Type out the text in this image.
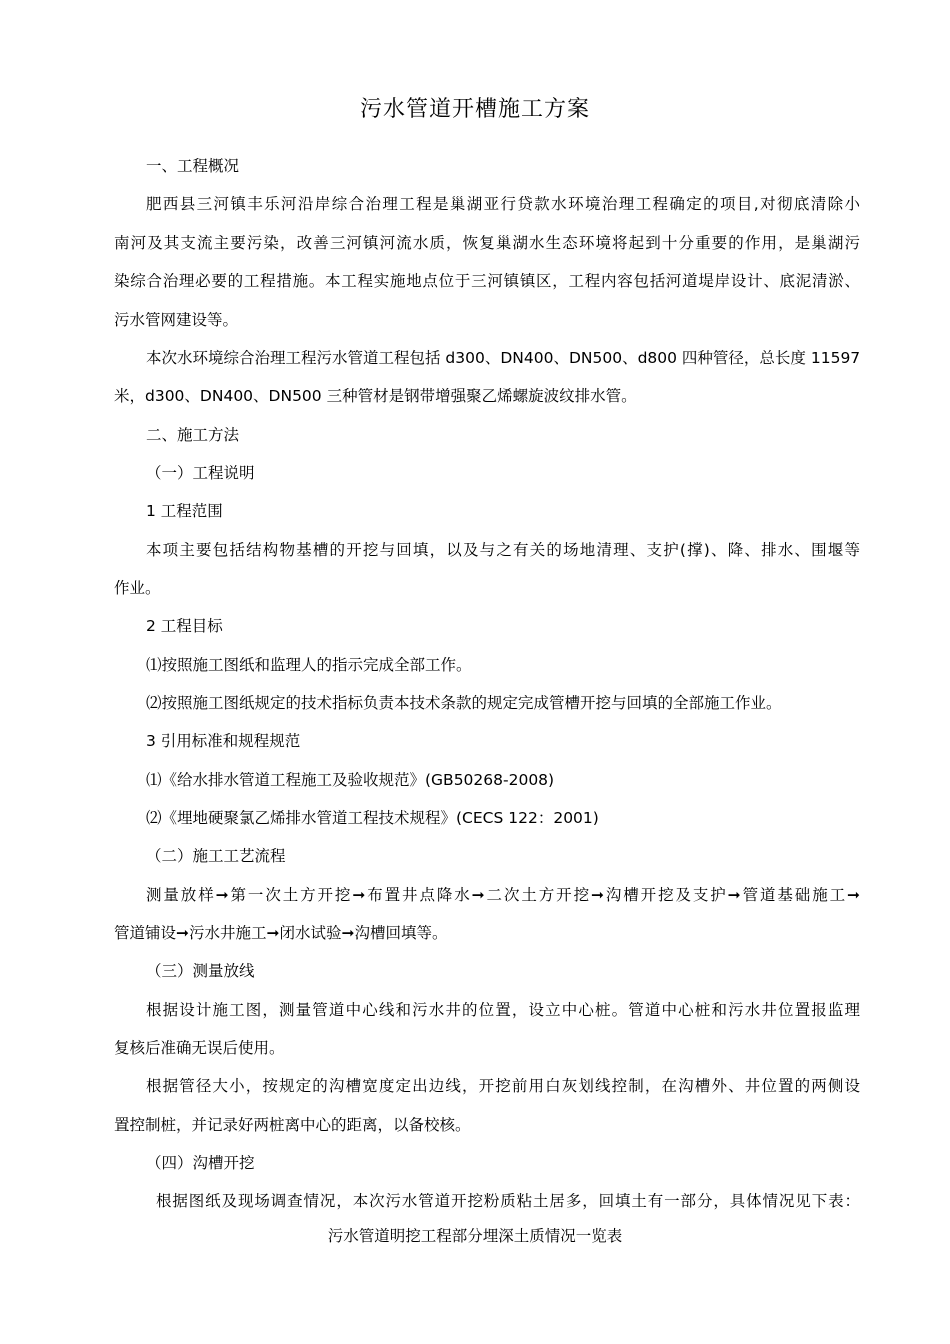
污水管道开槽施工方案
一、工程概况
肥西县三河镇丰乐河沿岸综合治理工程是巢湖亚行贷款水环境治理工程确定的项目,对彻底清除小
南河及其支流主要污染，改善三河镇河流水质，恢复巢湖水生态环境将起到十分重要的作用，是巢湖污
染综合治理必要的工程措施。本工程实施地点位于三河镇镇区，工程内容包括河道堤岸设计、底泥清淤、
污水管网建设等。
本次水环境综合治理工程污水管道工程包括 d300、DN400、DN500、d800 四种管径，总长度 11597
米，d300、DN400、DN500 三种管材是钢带增强聚乙烯螺旋波纹排水管。
二、施工方法
（一）工程说明
1 工程范围
本项主要包括结构物基槽的开挖与回填，以及与之有关的场地清理、支护(撑)、降、排水、围堰等
作业。
2 工程目标
⑴按照施工图纸和监理人的指示完成全部工作。
⑵按照施工图纸规定的技术指标负责本技术条款的规定完成管槽开挖与回填的全部施工作业。
3 引用标准和规程规范
⑴《给水排水管道工程施工及验收规范》(GB50268-2008)
⑵《埋地硬聚氯乙烯排水管道工程技术规程》(CECS 122：2001)
（二）施工工艺流程
测量放样➞第一次土方开挖➞布置井点降水➞二次土方开挖➞沟槽开挖及支护➞管道基础施工➞
管道铺设➞污水井施工➞闭水试验➞沟槽回填等。
（三）测量放线
根据设计施工图，测量管道中心线和污水井的位置，设立中心桩。管道中心桩和污水井位置报监理
复核后准确无误后使用。
根据管径大小，按规定的沟槽宽度定出边线，开挖前用白灰划线控制，在沟槽外、井位置的两侧设
置控制桩，并记录好两桩离中心的距离，以备校核。
（四）沟槽开挖
根据图纸及现场调查情况，本次污水管道开挖粉质粘土居多，回填土有一部分，具体情况见下表：
污水管道明挖工程部分埋深土质情况一览表
